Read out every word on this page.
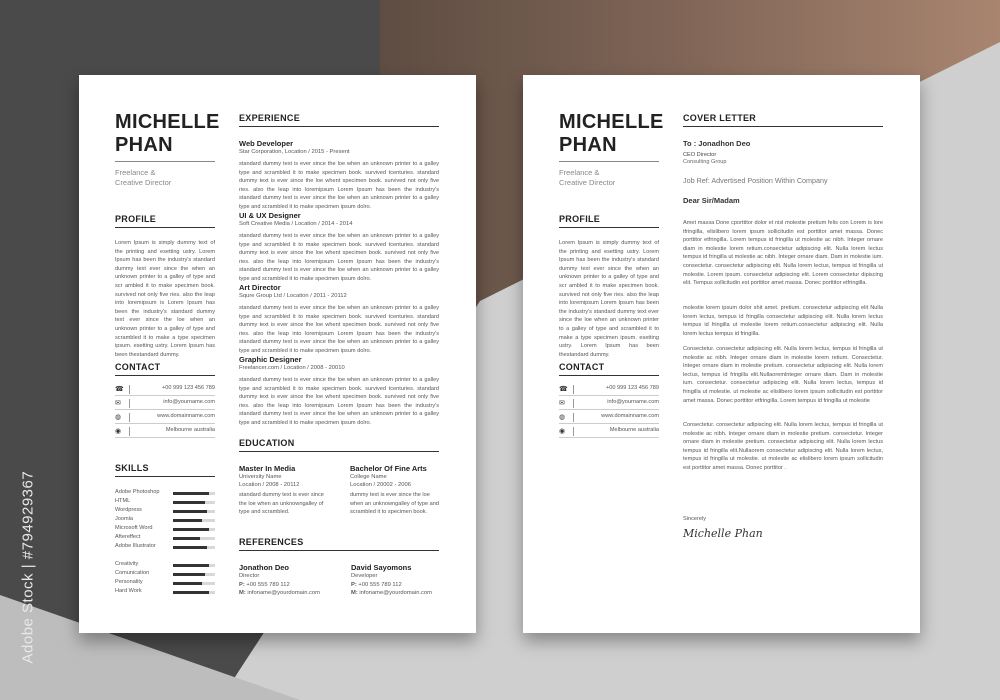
Adobe Stock | #794929367
MICHELLE
PHAN
Freelance &
Creative Director
PROFILE
Lorem Ipsum is simply dummy text of the printing and esetting ustry. Lorem Ipsum has been the industry's standard dummy text ever since the when an unknown printer to a galley of type and scr ambled it to make specimen book. survived not only five ries. also the leap into loremipsum is Lorem Ipsum has been the industry's standard dummy text ever since the loe when an unknown printer to a galley of type and scrambled it to make a type specimen ipsum. esetting ustry. Lorem Ipsum has been thestandard dummy.
CONTACT
☎	+00 999 123 456 789
✉	info@yourname.com
◍	www.domainname.com
◉	Melbourne australia
SKILLS
Adobe Photoshop
HTML
Wordpress
Joomla
Microsoft Word
Aftereffect
Adobe Illustrator
Creativity
Comunication
Personality
Hard Work
EXPERIENCE
Web Developer
Star Corporation, Location / 2015 - Present
standard dummy text is ever since the loe when an unknown printer to a galley type and scrambled it to make specimen book. survived tcenturies. standard dummy text is ever since the loe whent specimen book. survived not only five ries. also the leap into loremipsum Lorem Ipsum has been the industry's standard dummy text is ever since the loe when an unknown printer to a galley type and scrambled it to make specimen ipsum dolro.
UI & UX Designer
Soft Creative Media / Location / 2014 - 2014
standard dummy text is ever since the loe when an unknown printer to a galley type and scrambled it to make specimen book. survived tcenturies. standard dummy text is ever since the loe whent specimen book. survived not only five ries. also the leap into loremipsum Lorem Ipsum has been the industry's standard dummy text is ever since the loe when an unknown printer to a galley type and scrambled it to make specimen ipsum dolro.
Art Director
Squre Group Ltd / Location / 2011 - 20112
standard dummy text is ever since the loe when an unknown printer to a galley type and scrambled it to make specimen book. survived tcenturies. standard dummy text is ever since the loe whent specimen book. survived not only five ries. also the leap into loremipsum Lorem Ipsum has been the industry's standard dummy text is ever since the loe when an unknown printer to a galley type and scrambled it to make specimen ipsum dolro.
Graphic Designer
Freelancer.com / Location / 2008 - 20010
standard dummy text is ever since the loe when an unknown printer to a galley type and scrambled it to make specimen book. survived tcenturies. standard dummy text is ever since the loe whent specimen book. survived not only five ries. also the leap into loremipsum Lorem Ipsum has been the industry's standard dummy text is ever since the loe when an unknown printer to a galley type and scrambled it to make specimen ipsum dolro.
EDUCATION
Master In Media
University Name
Location / 2008 - 20112
standard dummy text is ever since the loe when an unknowngalley of type and scrambled.
Bachelor Of Fine Arts
College Name
Location / 20002 - 2006
dummy text is ever since the loe when an unknowngalley of type and scrambled it to specimen book.
REFERENCES
Jonathon Deo
Director
P: +00 555 789 112
M: infoname@yourdomain.com
David Sayomons
Developer
P: +00 555 789 112
M: infoname@yourdomain.com
MICHELLE
PHAN
Freelance &
Creative Director
PROFILE
Lorem Ipsum is simply dummy text of the printing and esetting ustry. Lorem Ipsum has been the industry's standard dummy text ever since the when an unknown printer to a galley of type and scr ambled it to make specimen book. survived not only five ries. also the leap into loremipsum Lorem Ipsum has been the industry's standard dummy text ever since the loe when an unknown printer to a galley of type and scrambled it to make a type specimen ipsum. esetting ustry. Lorem Ipsum has been thestandard dummy.
CONTACT
☎	+00 999 123 456 789
✉	info@yourname.com
◍	www.domainname.com
◉	Melbourne australia
COVER LETTER
To : Jonadhon Deo
CEO Director
Consulting Group
Job Ref: Advertised Position Within Company
Dear Sir/Madam
Amet massa Done cporttitor dolor et nisl molestie pretium felis con Lorem is lore tfringilla, elislibero lorem ipsum sollicitudin est porttitor amet massa. Donec porttitor etfringilla. Lorem tempus id fringilla ut molestie ac nibh. Integer ornare diam in molestie lorem retium.consectetur adipiscing elit. Nulla lorem lectus tempus id fringilla ut molestie ac nibh. Integer ornare diam. Dam in molestie ium. consectetur. consectetur adipiscing elit. Nulla lorem lectus, tempus id fringilla ut molestie. Lorem ipsum. consectetur adipiscing elit. Lorem consectetur dipiscing elit. Tempus sollicitudin est porttitor amet massa. Donec porttitor etfringilla.
molestie lorem ipsum dolor shit amet. pretium. consectetur adipiscing elit Nulla lorem lectus, tempus id fringilla consectetur adipiscing elit. Nulla lorem lectus tempus id fringilla ut molestie lorem retium.consectetur adipiscing elit. Nulla lorem lectus tempus id fringilla.
Consectetur. consectetur adipiscing elit. Nulla lorem lectus, tempus id fringilla ut molestie ac nibh. Integer ornare diam in molestie lorem retium. Consectetur. Integer ornare diam in molestie pretium. consectetur adipiscing elit. Nulla lorem lectus, tempus id fringilla elit.Nullaoremlnteger ornare diam. Dam in molestie ium. consectetur. consectetur adipiscing elit. Nulla lorem lectus, tempus id fringilla ut molestie. ut molestie ac elislibero lorem ipsum sollicitudin est porttitor amet massa. Donec porttitor etfringilla. Lorem tempus id fringilla ut molestie
Consectetur. consectetur adipiscing elit. Nulla lorem lectus, tempus id fringilla ut molestie ac nibh. Integer ornare diam in molestie pretium. consectetur. Integer ornare diam in molestie pretium. consectetur adipiscing elit. Nulla lorem lectus tempus id fringilla elit.Nullaorem consectetur adipiscing elit. Nulla lorem lectus, tempus id fringilla ut molestie. ut molestie ac elislibero lorem ipsum sollicitudin est porttitor amet massa. Donec porttitor .
Sincerely
Michelle Phan
